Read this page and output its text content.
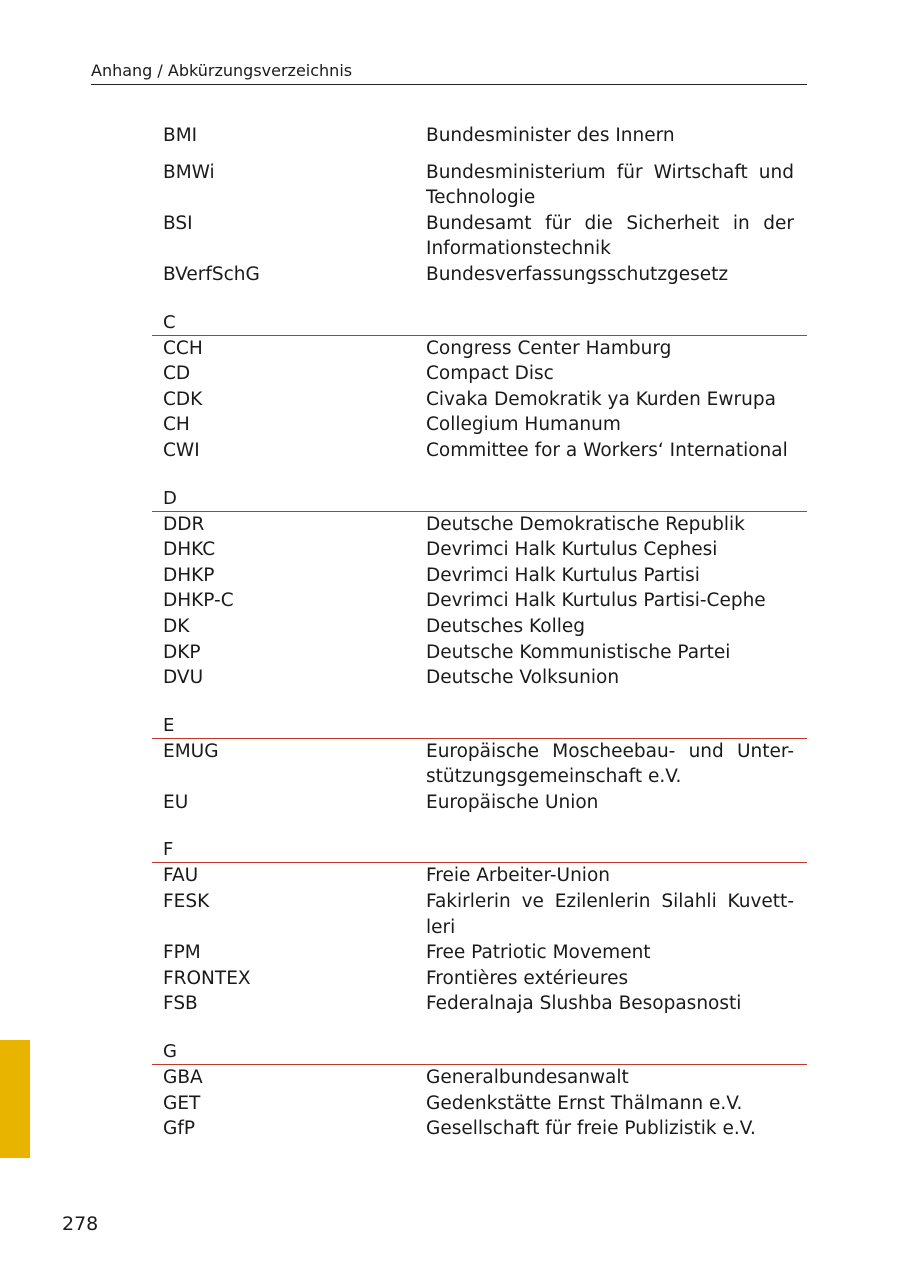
Anhang / Abkürzungsverzeichnis
BMI	Bundesminister des Innern
BMWi	Bundesministerium für Wirtschaft und Technologie
BSI	Bundesamt für die Sicherheit in der Informationstechnik
BVerfSchG	Bundesverfassungsschutzgesetz
C
CCH	Congress Center Hamburg
CD	Compact Disc
CDK	Civaka Demokratik ya Kurden Ewrupa
CH	Collegium Humanum
CWI	Committee for a Workers‘ International
D
DDR	Deutsche Demokratische Republik
DHKC	Devrimci Halk Kurtulus Cephesi
DHKP	Devrimci Halk Kurtulus Partisi
DHKP-C	Devrimci Halk Kurtulus Partisi-Cephe
DK	Deutsches Kolleg
DKP	Deutsche Kommunistische Partei
DVU	Deutsche Volksunion
E
EMUG	Europäische Moscheebau- und Unter-stützungsgemeinschaft e.V.
EU	Europäische Union
F
FAU	Freie Arbeiter-Union
FESK	Fakirlerin ve Ezilenlerin Silahli Kuvett-leri
FPM	Free Patriotic Movement
FRONTEX	Frontières extérieures
FSB	Federalnaja Slushba Besopasnosti
G
GBA	Generalbundesanwalt
GET	Gedenkstätte Ernst Thälmann e.V.
GfP	Gesellschaft für freie Publizistik e.V.
278
